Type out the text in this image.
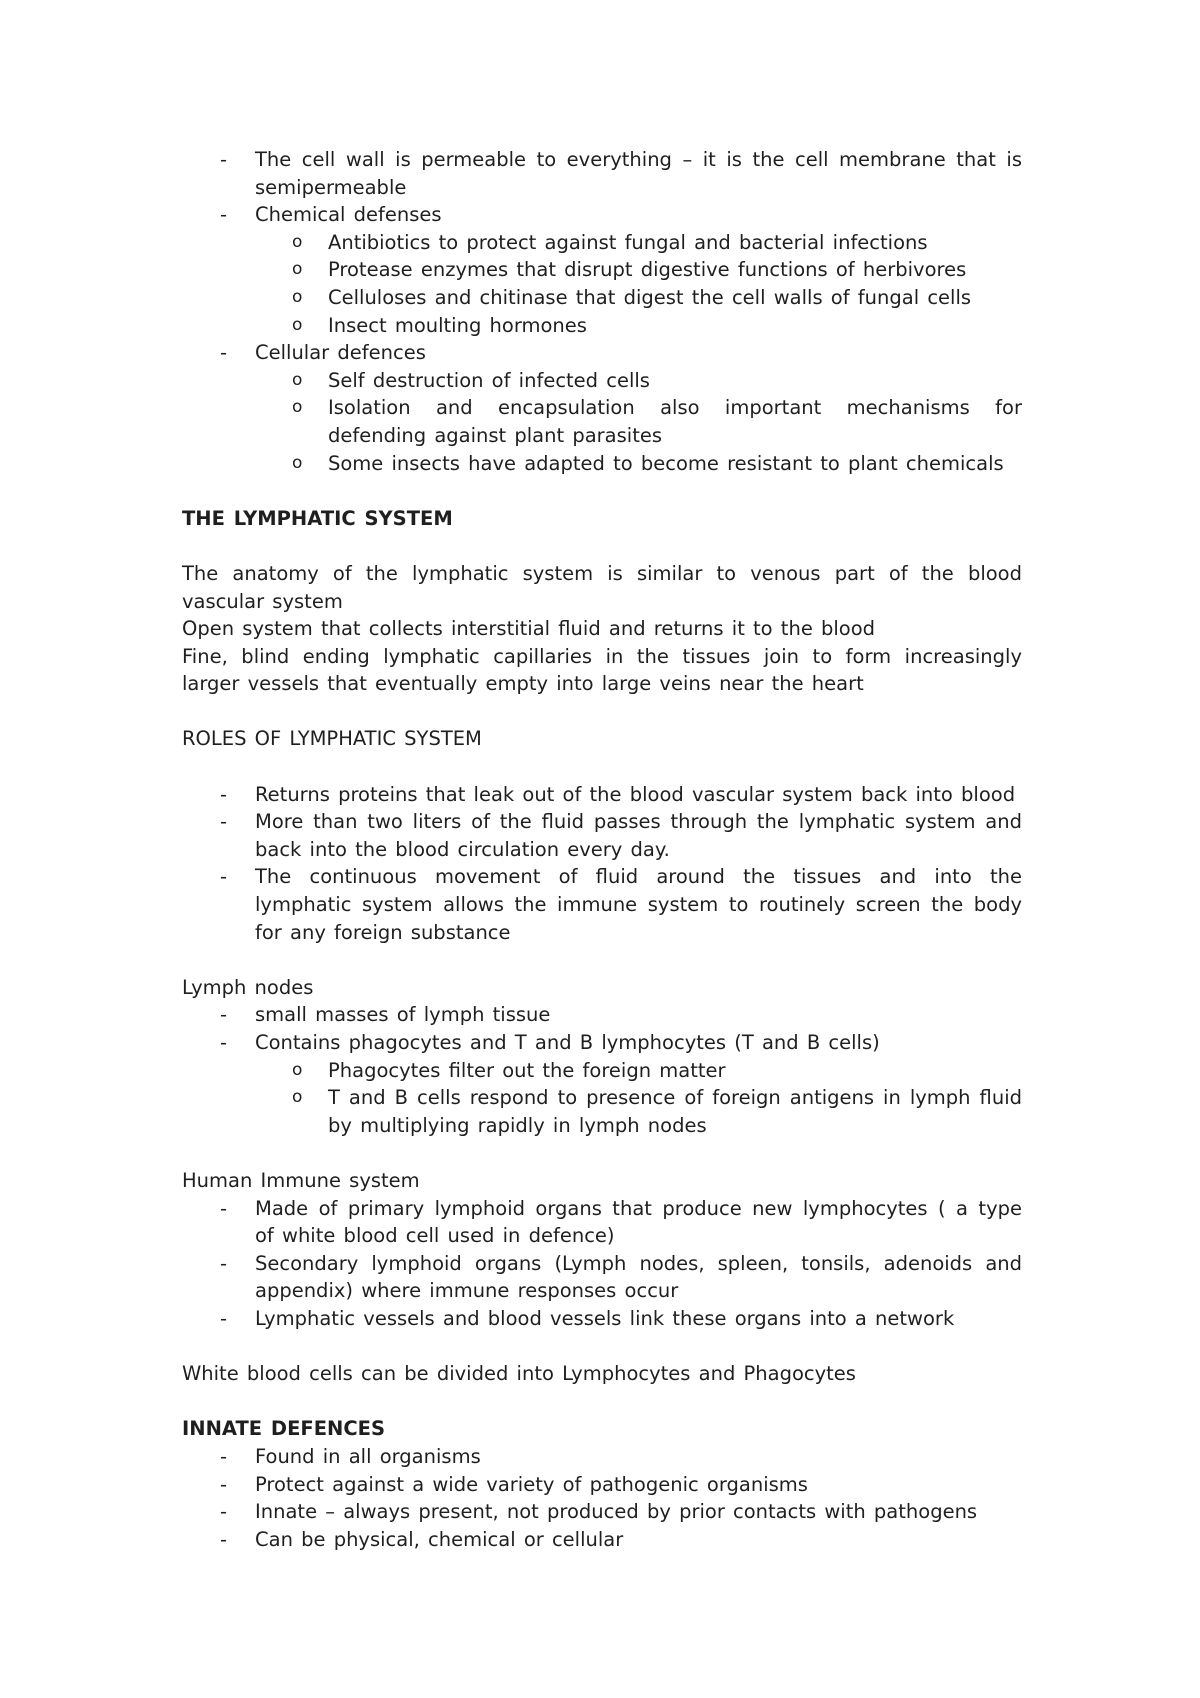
- The cell wall is permeable to everything – it is the cell membrane that is semipermeable
- Chemical defenses
o Antibiotics to protect against fungal and bacterial infections
o Protease enzymes that disrupt digestive functions of herbivores
o Celluloses and chitinase that digest the cell walls of fungal cells
o Insect moulting hormones
- Cellular defences
o Self destruction of infected cells
o Isolation and encapsulation also important mechanisms for defending against plant parasites
o Some insects have adapted to become resistant to plant chemicals
THE LYMPHATIC SYSTEM
The anatomy of the lymphatic system is similar to venous part of the blood vascular system
Open system that collects interstitial fluid and returns it to the blood
Fine, blind ending lymphatic capillaries in the tissues join to form increasingly larger vessels that eventually empty into large veins near the heart
ROLES OF LYMPHATIC SYSTEM
- Returns proteins that leak out of the blood vascular system back into blood
- More than two liters of the fluid passes through the lymphatic system and back into the blood circulation every day.
- The continuous movement of fluid around the tissues and into the lymphatic system allows the immune system to routinely screen the body for any foreign substance
Lymph nodes
- small masses of lymph tissue
- Contains phagocytes and T and B lymphocytes (T and B cells)
o Phagocytes filter out the foreign matter
o T and B cells respond to presence of foreign antigens in lymph fluid by multiplying rapidly in lymph nodes
Human Immune system
- Made of primary lymphoid organs that produce new lymphocytes ( a type of white blood cell used in defence)
- Secondary lymphoid organs (Lymph nodes, spleen, tonsils, adenoids and appendix) where immune responses occur
- Lymphatic vessels and blood vessels link these organs into a network
White blood cells can be divided into Lymphocytes and Phagocytes
INNATE DEFENCES
- Found in all organisms
- Protect against a wide variety of pathogenic organisms
- Innate – always present, not produced by prior contacts with pathogens
- Can be physical, chemical or cellular
